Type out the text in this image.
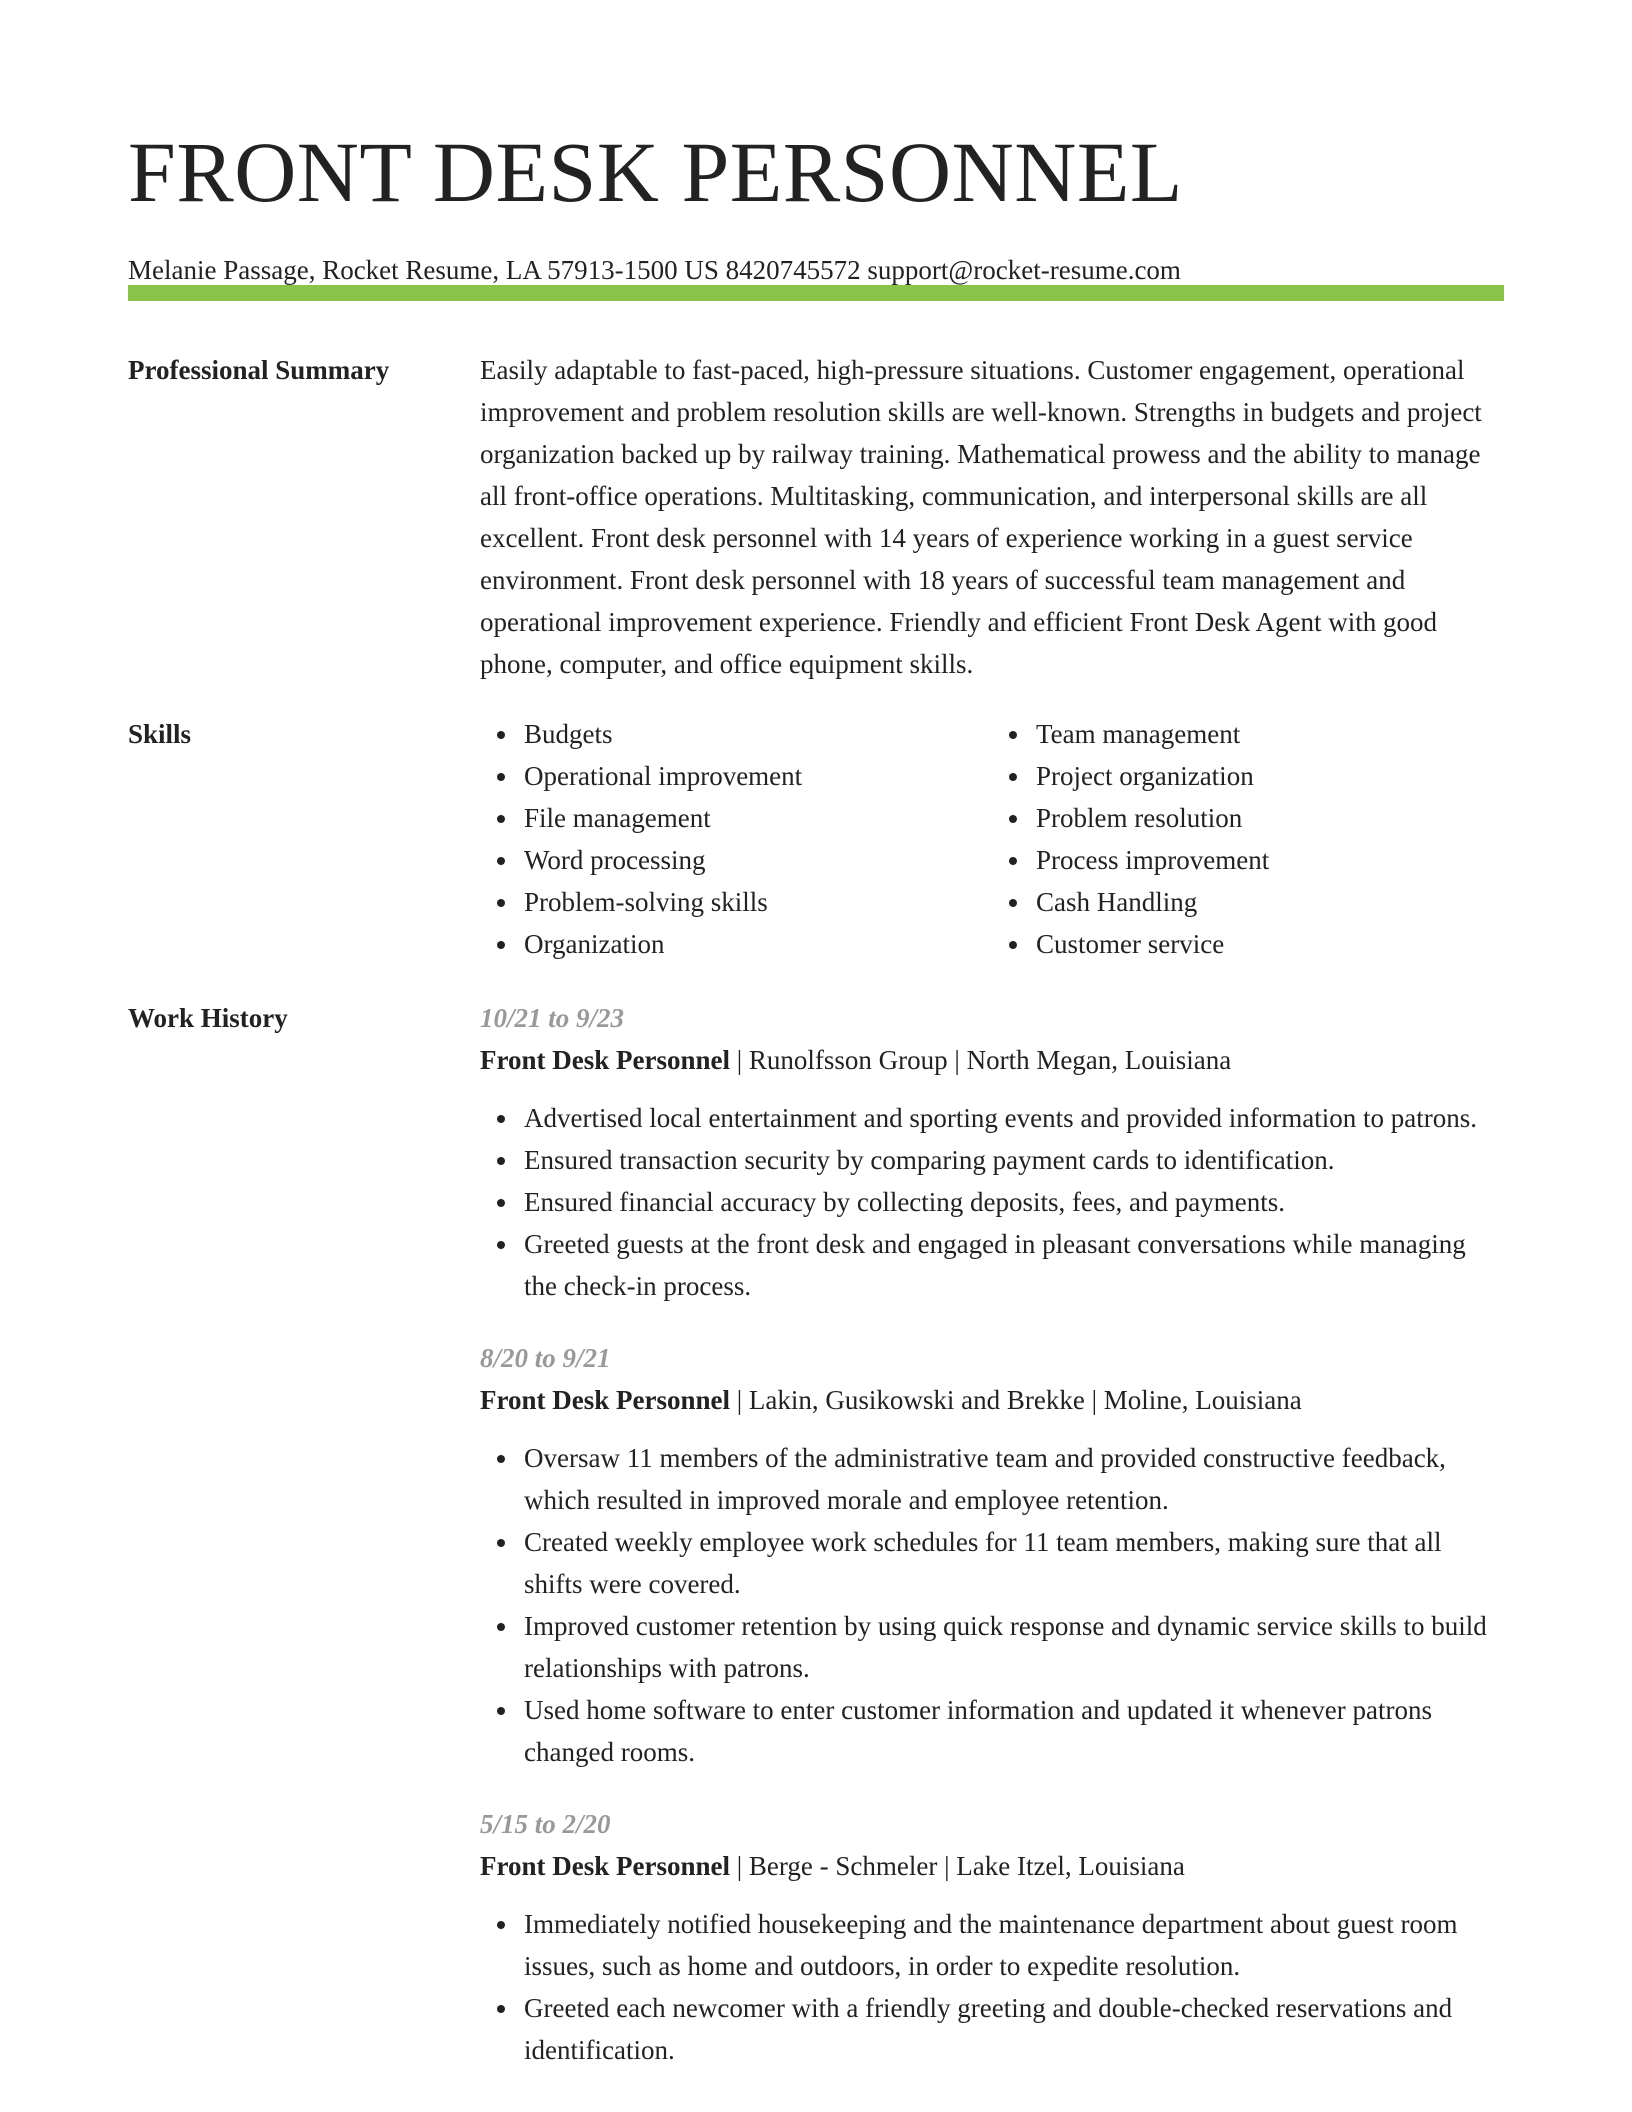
FRONT DESK PERSONNEL
Melanie Passage, Rocket Resume, LA 57913-1500 US 8420745572 support@rocket-resume.com
Professional Summary	Easily adaptable to fast-paced, high-pressure situations. Customer engagement, operational improvement and problem resolution skills are well-known. Strengths in budgets and project organization backed up by railway training. Mathematical prowess and the ability to manage all front-office operations. Multitasking, communication, and interpersonal skills are all excellent. Front desk personnel with 14 years of experience working in a guest service environment. Front desk personnel with 18 years of successful team management and operational improvement experience. Friendly and efficient Front Desk Agent with good phone, computer, and office equipment skills.

Skills	Budgets
Operational improvement
File management
Word processing
Problem-solving skills
Organization
Team management
Project organization
Problem resolution
Process improvement
Cash Handling
Customer service
Work History	10/21 to 9/23
Front Desk Personnel | Runolfsson Group | North Megan, Louisiana
Advertised local entertainment and sporting events and provided information to patrons.
Ensured transaction security by comparing payment cards to identification.
Ensured financial accuracy by collecting deposits, fees, and payments.
Greeted guests at the front desk and engaged in pleasant conversations while managing the check-in process.
8/20 to 9/21
Front Desk Personnel | Lakin, Gusikowski and Brekke | Moline, Louisiana
Oversaw 11 members of the administrative team and provided constructive feedback, which resulted in improved morale and employee retention.
Created weekly employee work schedules for 11 team members, making sure that all shifts were covered.
Improved customer retention by using quick response and dynamic service skills to build relationships with patrons.
Used home software to enter customer information and updated it whenever patrons changed rooms.
5/15 to 2/20
Front Desk Personnel | Berge - Schmeler | Lake Itzel, Louisiana
Immediately notified housekeeping and the maintenance department about guest room issues, such as home and outdoors, in order to expedite resolution.
Greeted each newcomer with a friendly greeting and double-checked reservations and identification.
